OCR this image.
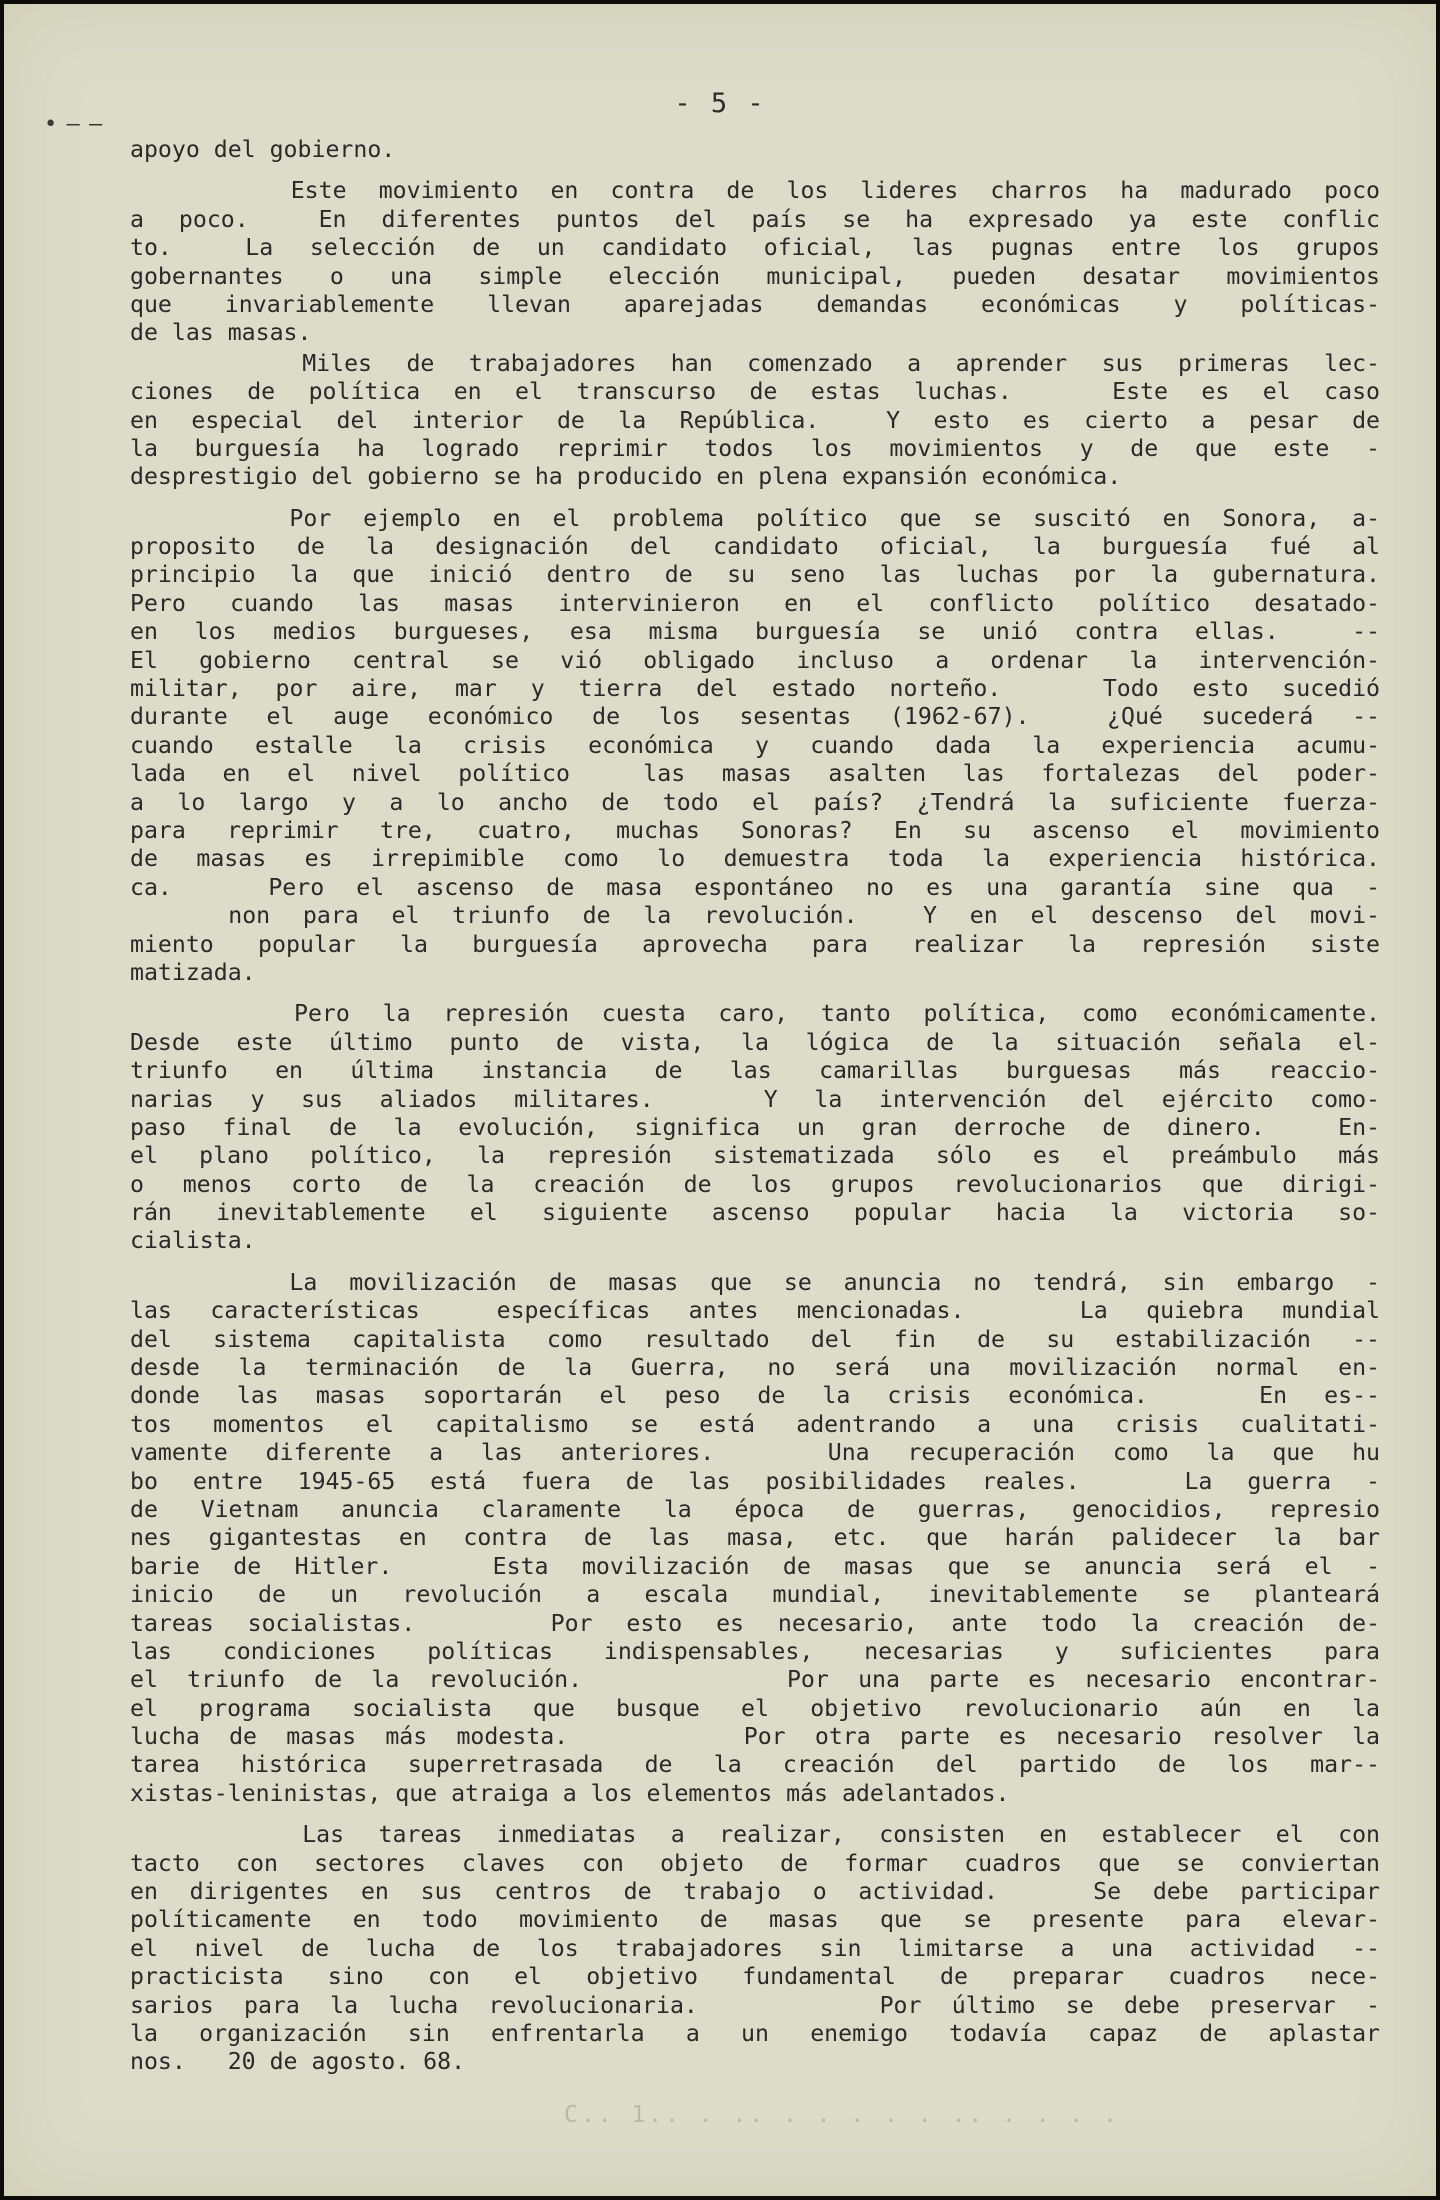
• – —
- 5 -
apoyo del gobierno.
Este movimiento en contra de los lideres charros ha madurado poco
a poco.  En diferentes puntos del país se ha expresado ya este conflic
to.  La selección de un candidato oficial, las pugnas entre los grupos
gobernantes o una simple elección municipal, pueden desatar movimientos
que invariablemente llevan aparejadas demandas económicas y políticas-
de las masas.
Miles de trabajadores han comenzado a aprender sus primeras lec-
ciones de política en el transcurso de estas luchas.   Este es el caso
en especial del interior de la República.  Y esto es cierto a pesar de
la burguesía ha logrado reprimir todos los movimientos y de que este -
desprestigio del gobierno se ha producido en plena expansión económica.
Por ejemplo en el problema político que se suscitó en Sonora, a-
proposito de la designación del candidato oficial, la burguesía fué al
principio la que inició dentro de su seno las luchas por la gubernatura.
Pero cuando las masas intervinieron en el conflicto político desatado-
en los medios burgueses, esa misma burguesía se unió contra ellas.  --
El gobierno central se vió obligado incluso a ordenar la intervención-
militar, por aire, mar y tierra del estado norteño.   Todo esto sucedió
durante el auge económico de los sesentas (1962-67).  ¿Qué sucederá --
cuando estalle la crisis económica y cuando dada la experiencia acumu-
lada en el nivel político  las masas asalten las fortalezas del poder-
a lo largo y a lo ancho de todo el país? ¿Tendrá la suficiente fuerza-
para reprimir tre, cuatro, muchas Sonoras? En su ascenso el movimiento
de masas es irrepimible como lo demuestra toda la experiencia histórica.
ca.   Pero el ascenso de masa espontáneo no es una garantía sine qua -
non para el triunfo de la revolución.  Y en el descenso del movi-
miento popular la burguesía aprovecha para realizar la represión siste
matizada.
Pero la represión cuesta caro, tanto política, como económicamente.
Desde este último punto de vista, la lógica de la situación señala el-
triunfo en última instancia de las camarillas burguesas más reaccio-
narias y sus aliados militares.   Y la intervención del ejército como-
paso final de la evolución, significa un gran derroche de dinero.  En-
el plano político, la represión sistematizada sólo es el preámbulo más
o menos corto de la creación de los grupos revolucionarios que dirigi-
rán inevitablemente el siguiente ascenso popular hacia la victoria so-
cialista.
La movilización de masas que se anuncia no tendrá, sin embargo -
las características  específicas antes mencionadas.   La quiebra mundial
del sistema capitalista como resultado del fin de su estabilización --
desde la terminación de la Guerra, no será una movilización normal en-
donde las masas soportarán el peso de la crisis económica.   En es--
tos momentos el capitalismo se está adentrando a una crisis cualitati-
vamente diferente a las anteriores.   Una recuperación como la que hu
bo entre 1945-65 está fuera de las posibilidades reales.   La guerra -
de Vietnam anuncia claramente la época de guerras, genocidios, represio
nes gigantestas en contra de las masa, etc. que harán palidecer la bar
barie de Hitler.   Esta movilización de masas que se anuncia será el -
inicio de un revolución a escala mundial, inevitablemente se planteará
tareas socialistas.    Por esto es necesario, ante todo la creación de-
las condiciones políticas indispensables, necesarias y suficientes para
el triunfo de la revolución.       Por una parte es necesario encontrar-
el programa socialista que busque el objetivo revolucionario aún en la
lucha de masas más modesta.      Por otra parte es necesario resolver la
tarea histórica superretrasada de la creación del partido de los mar--
xistas-leninistas, que atraiga a los elementos más adelantados.
Las tareas inmediatas a realizar, consisten en establecer el con
tacto con sectores claves con objeto de formar cuadros que se conviertan
en dirigentes en sus centros de trabajo o actividad.   Se debe participar
políticamente en todo movimiento de masas que se presente para elevar-
el nivel de lucha de los trabajadores sin limitarse a una actividad --
practicista sino con el objetivo fundamental de preparar cuadros nece-
sarios para la lucha revolucionaria.      Por último se debe preservar -
la organización sin enfrentarla a un enemigo todavía capaz de aplastar
nos.   20 de agosto. 68.
C.. 1.. . .. . . . . . .. . . . .
